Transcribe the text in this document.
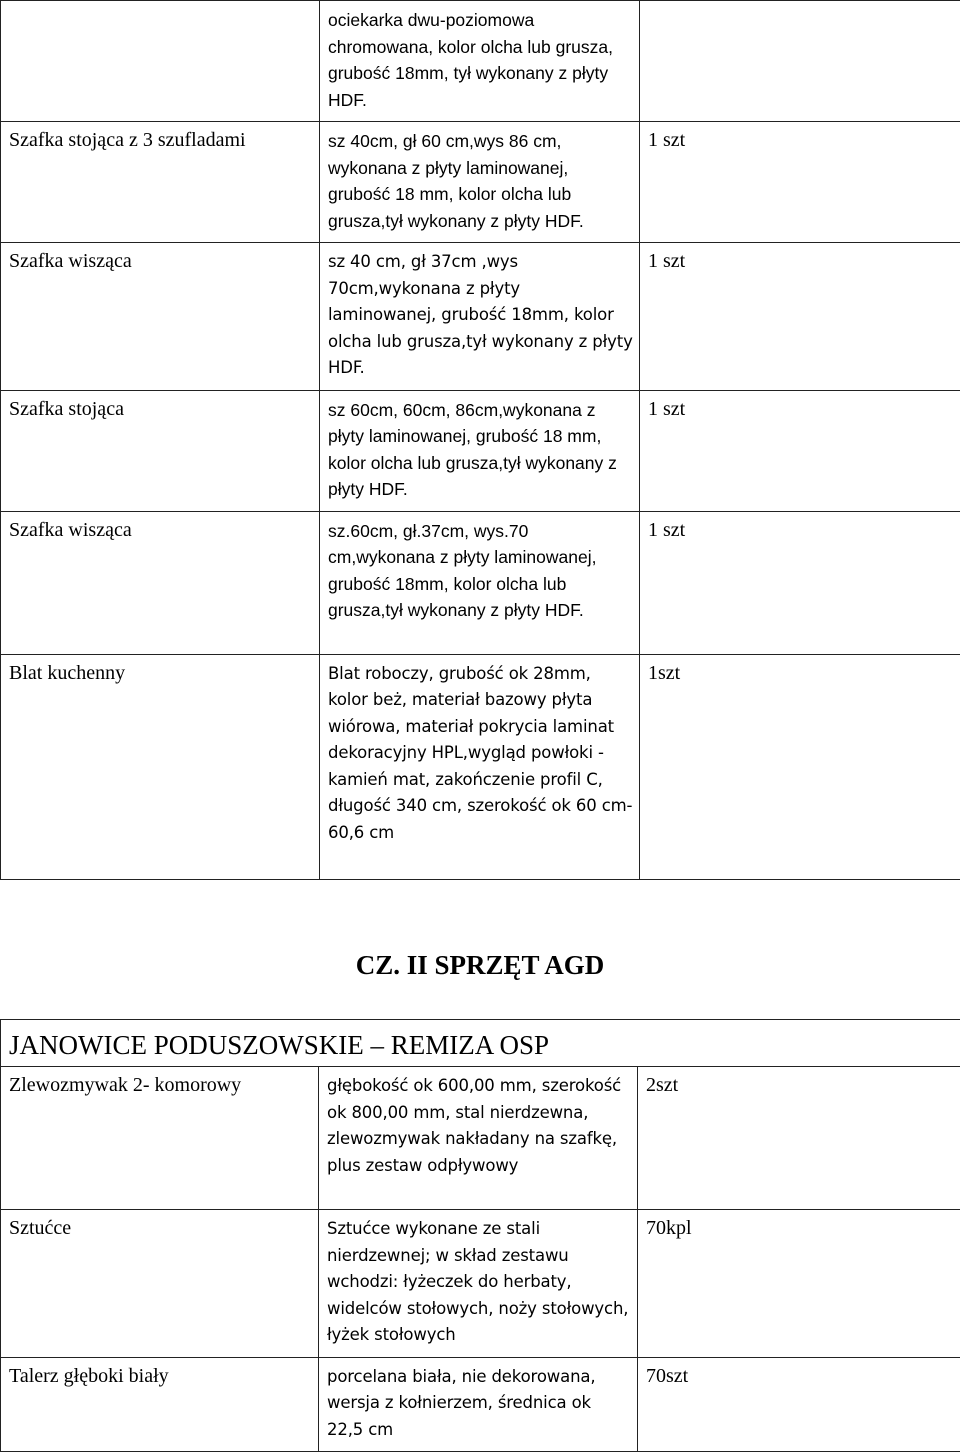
	ociekarka dwu-poziomowa chromowana, kolor olcha lub grusza, grubość 18mm, tył wykonany z płyty HDF.	
Szafka stojąca z 3 szufladami	sz 40cm, gł 60 cm,wys 86 cm, wykonana z płyty laminowanej, grubość 18 mm, kolor olcha lub grusza,tył wykonany z płyty HDF.	1 szt
Szafka wisząca	sz 40 cm, gł 37cm ,wys 70cm,wykonana z płyty laminowanej, grubość 18mm, kolor olcha lub grusza,tył wykonany z płyty HDF.	1 szt
Szafka stojąca	sz 60cm, 60cm, 86cm,wykonana z płyty laminowanej, grubość 18 mm, kolor olcha lub grusza,tył wykonany z płyty HDF.	1 szt
Szafka wisząca	sz.60cm, gł.37cm, wys.70 cm,wykonana z płyty laminowanej, grubość 18mm, kolor olcha lub grusza,tył wykonany z płyty HDF.	1 szt
Blat kuchenny	Blat roboczy, grubość ok 28mm, kolor beż, materiał bazowy płyta wiórowa, materiał pokrycia laminat dekoracyjny HPL,wygląd powłoki - kamień mat, zakończenie profil C, długość 340 cm, szerokość ok 60 cm-60,6 cm	1szt
CZ. II SPRZĘT AGD
JANOWICE PODUSZOWSKIE – REMIZA OSP		
Zlewozmywak 2- komorowy	głębokość ok 600,00 mm, szerokość ok 800,00 mm, stal nierdzewna, zlewozmywak nakładany na szafkę, plus zestaw odpływowy	2szt
Sztućce	Sztućce wykonane ze stali nierdzewnej; w skład zestawu wchodzi: łyżeczek do herbaty, widelców stołowych, noży stołowych, łyżek stołowych	70kpl
Talerz głęboki biały	porcelana biała, nie dekorowana, wersja z kołnierzem, średnica ok 22,5 cm	70szt
